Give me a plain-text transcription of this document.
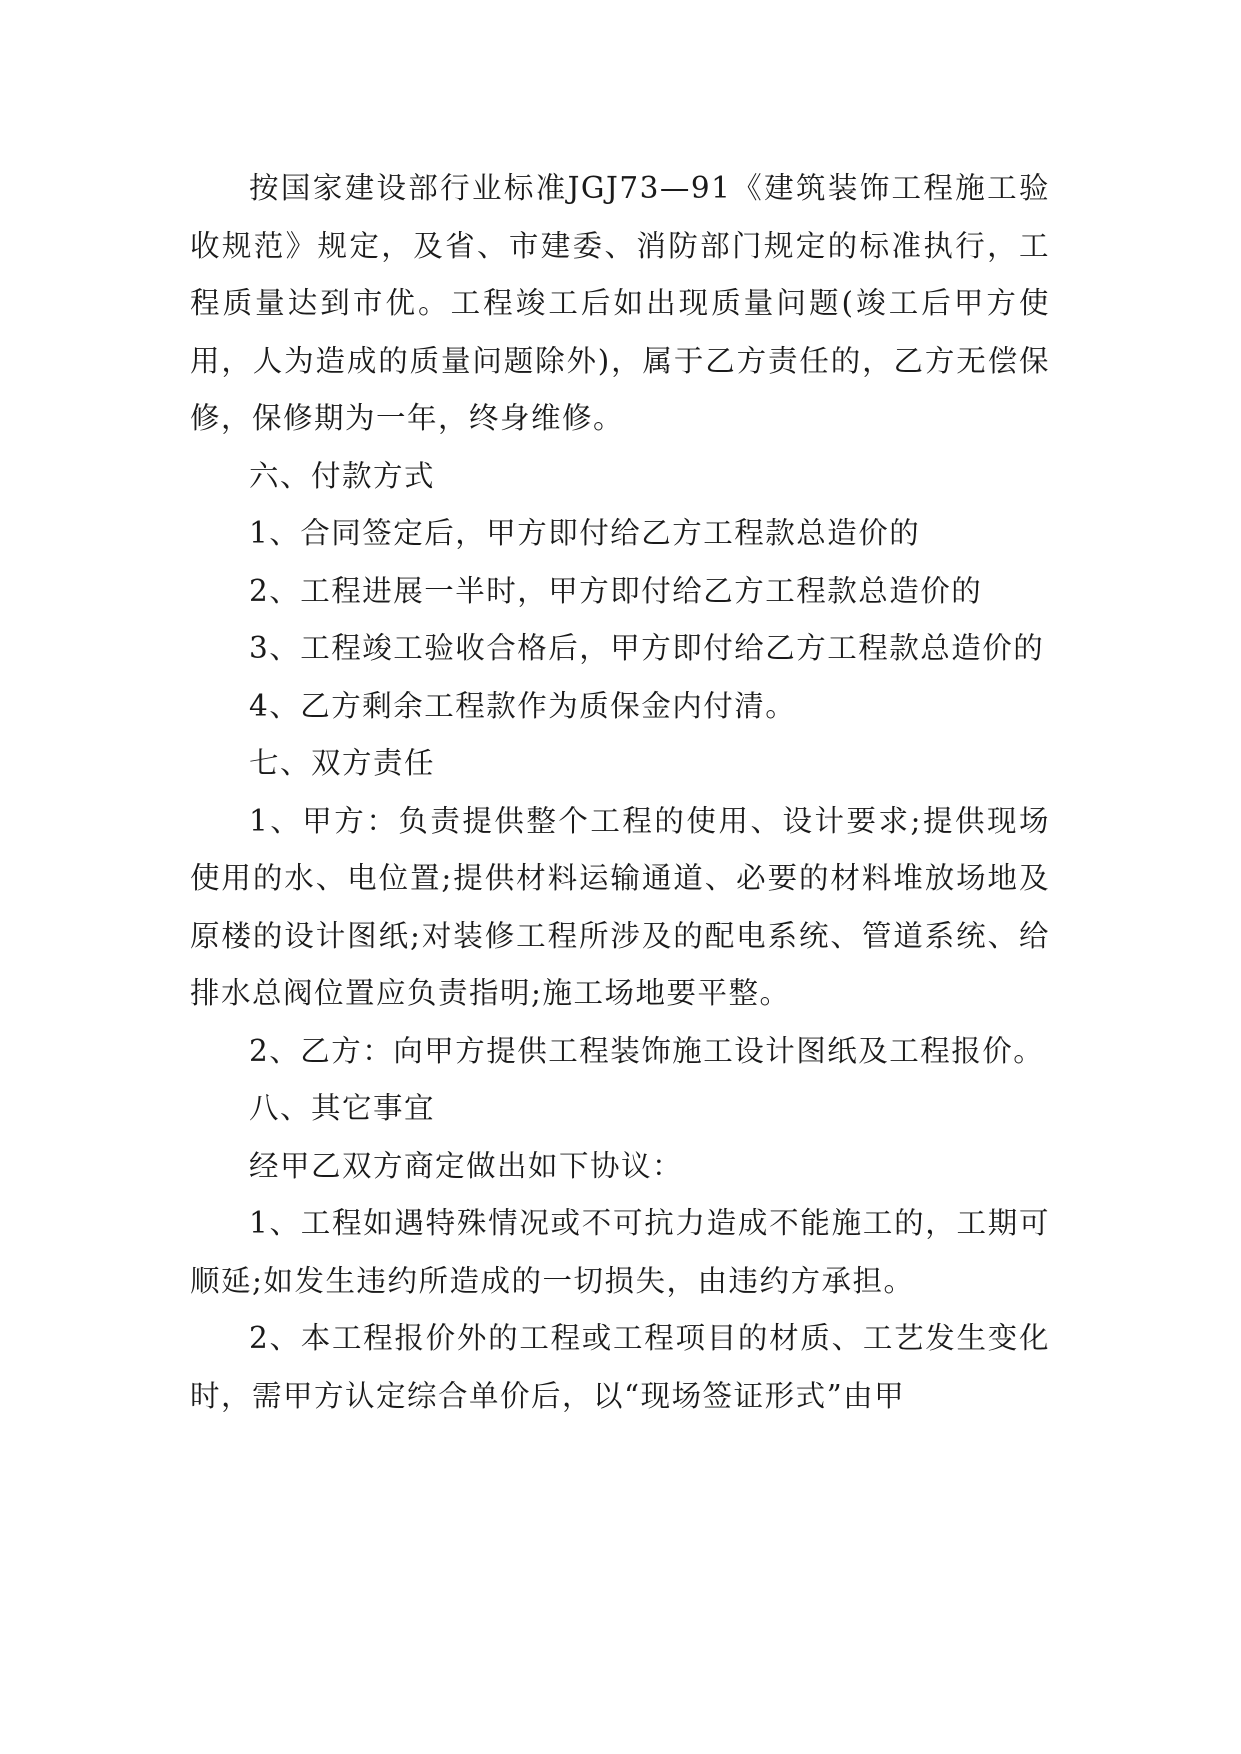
按国家建设部行业标准JGJ73—91《建筑装饰工程施工验收规范》规定，及省、市建委、消防部门规定的标准执行，工程质量达到市优。工程竣工后如出现质量问题(竣工后甲方使用，人为造成的质量问题除外)，属于乙方责任的，乙方无偿保修，保修期为一年，终身维修。

六、付款方式

1、合同签定后，甲方即付给乙方工程款总造价的

2、工程进展一半时，甲方即付给乙方工程款总造价的

3、工程竣工验收合格后，甲方即付给乙方工程款总造价的

4、乙方剩余工程款作为质保金内付清。

七、双方责任

1、甲方：负责提供整个工程的使用、设计要求;提供现场使用的水、电位置;提供材料运输通道、必要的材料堆放场地及原楼的设计图纸;对装修工程所涉及的配电系统、管道系统、给排水总阀位置应负责指明;施工场地要平整。

2、乙方：向甲方提供工程装饰施工设计图纸及工程报价。

八、其它事宜

经甲乙双方商定做出如下协议：

1、工程如遇特殊情况或不可抗力造成不能施工的，工期可顺延;如发生违约所造成的一切损失，由违约方承担。

2、本工程报价外的工程或工程项目的材质、工艺发生变化时，需甲方认定综合单价后，以“现场签证形式”由甲
